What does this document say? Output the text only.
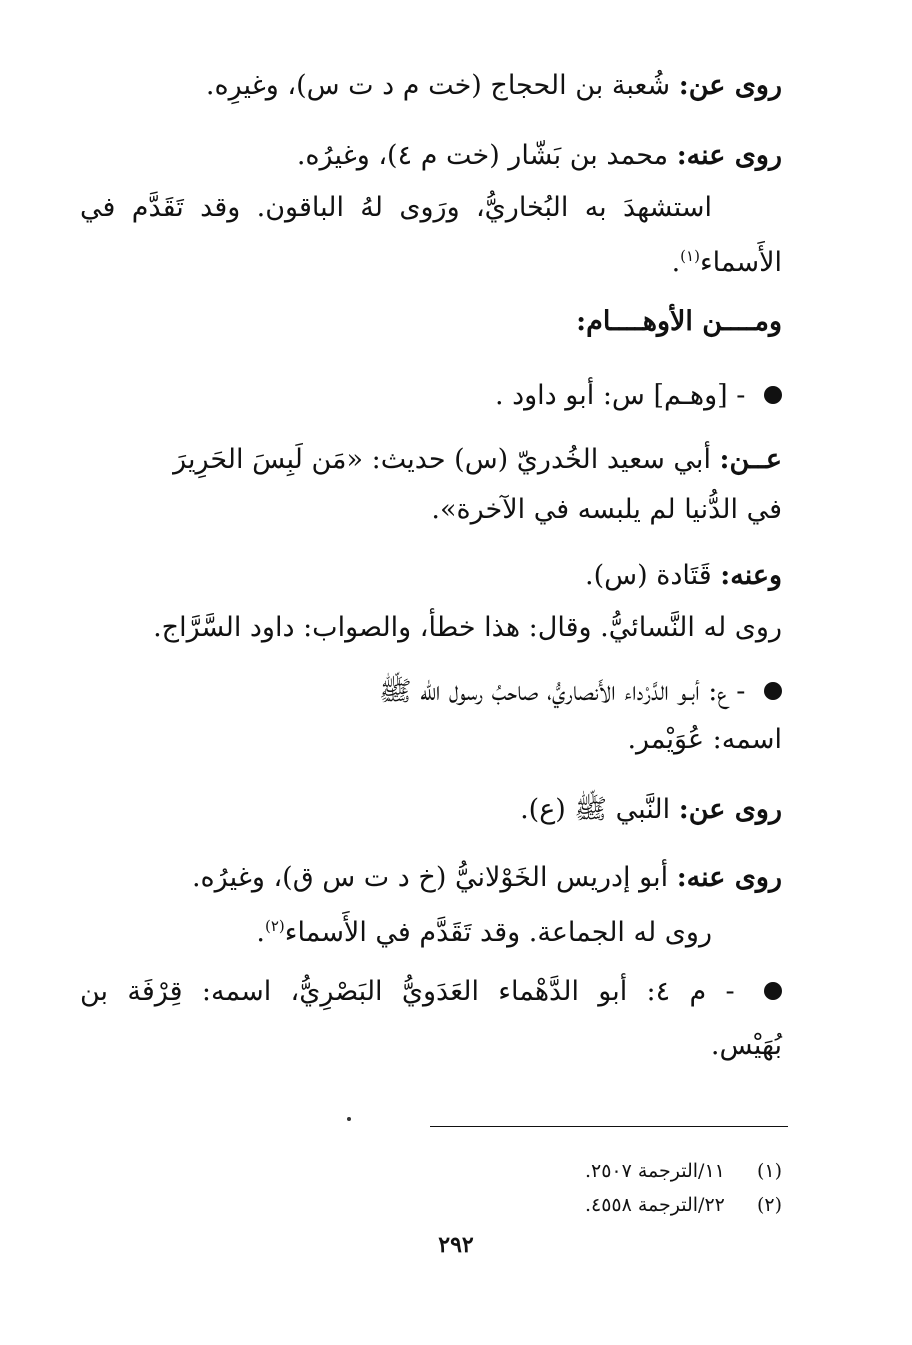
روى عن: شُعبة بن الحجاج (خت م د ت س)، وغيرِه.
روى عنه: محمد بن بَشّار (خت م ٤)، وغيرُه.
استشهدَ به البُخاريُّ، ورَوى لهُ الباقون. وقد تَقَدَّم في
الأَسماء$^{(١)}$.
ومــــن الأوهــــام:
- [وهـم] س: أبو داود .
عــن: أبي سعيد الخُدريّ (س) حديث: «مَن لَبِسَ الحَرِيرَ
في الدُّنيا لم يلبسه في الآخرة».
وعنه: قَتَادة (س).
روى له النَّسائيُّ. وقال: هذا خطأ، والصواب: داود السَّرَّاج.
- ع: أبـو الدَّرْداء الأَنصاريُّ، صاحبُ رسول الله ﷺ
اسمه: عُوَيْمر.
روى عن: النَّبي ﷺ (ع).
روى عنه: أبو إدريس الخَوْلانيُّ (خ د ت س ق)، وغيرُه.
روى له الجماعة. وقد تَقَدَّم في الأَسماء$^{(٢)}$.
- م ٤: أبو الدَّهْماء العَدَويُّ البَصْرِيُّ، اسمه: قِرْفَة بن
بُهَيْس.
(١) ١١/الترجمة ٢٥٠٧.
(٢) ٢٢/الترجمة ٤٥٥٨.
٢٩٢
